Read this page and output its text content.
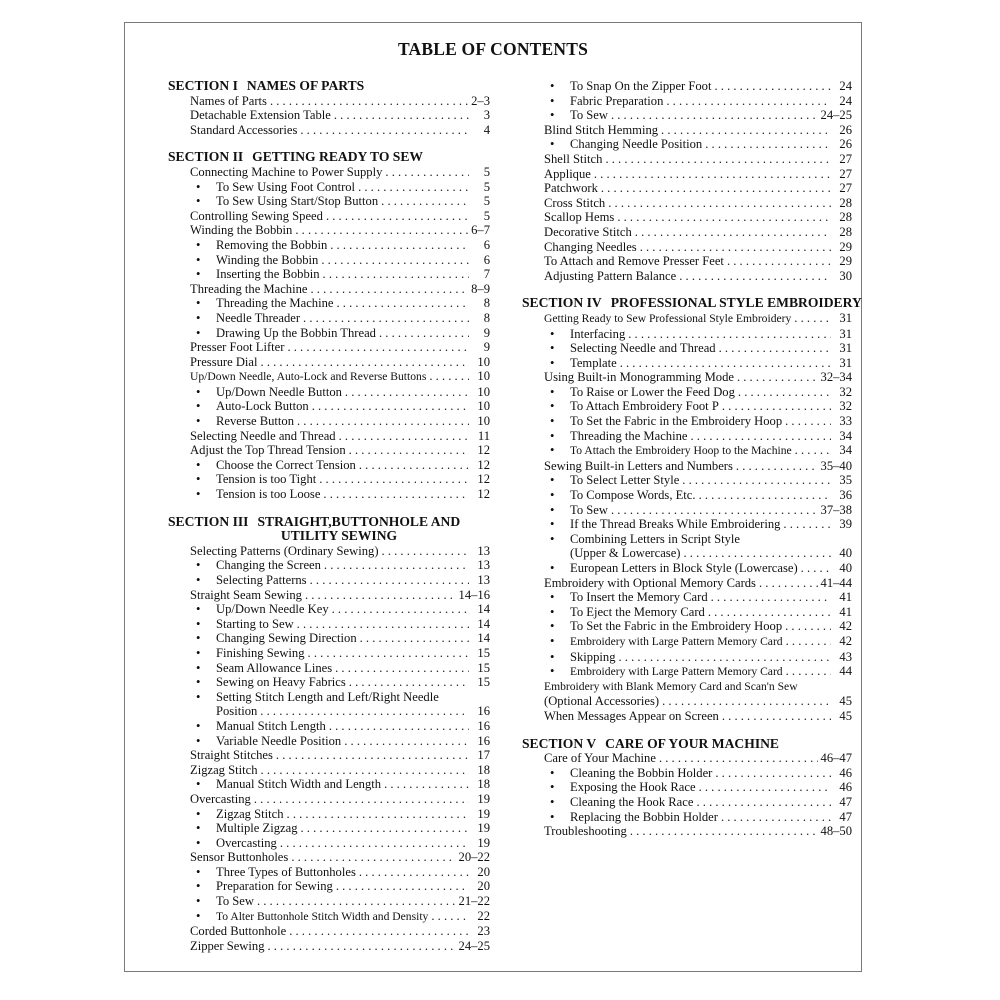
TABLE OF CONTENTS
SECTION I NAMES OF PARTS
Names of Parts . . .	2–3
Detachable Extension Table . . .	3
Standard Accessories . . .	4
SECTION II GETTING READY TO SEW
Connecting Machine to Power Supply . . .	5
•	To Sew Using Foot Control . . .	5
•	To Sew Using Start/Stop Button . . .	5
Controlling Sewing Speed . . .	5
Winding the Bobbin . . .	6–7
•	Removing the Bobbin . . .	6
•	Winding the Bobbin . . .	6
•	Inserting the Bobbin . . .	7
Threading the Machine . . .	8–9
•	Threading the Machine . . .	8
•	Needle Threader . . .	8
•	Drawing Up the Bobbin Thread . . .	9
Presser Foot Lifter . . .	9
Pressure Dial . . .	10
Up/Down Needle, Auto-Lock and Reverse Buttons . . .	10
•	Up/Down Needle Button . . .	10
•	Auto-Lock Button . . .	10
•	Reverse Button . . .	10
Selecting Needle and Thread . . .	11
Adjust the Top Thread Tension . . .	12
•	Choose the Correct Tension . . .	12
•	Tension is too Tight . . .	12
•	Tension is too Loose . . .	12
SECTION III STRAIGHT,BUTTONHOLE AND
UTILITY SEWING
Selecting Patterns (Ordinary Sewing) . . .	13
•	Changing the Screen . . .	13
•	Selecting Patterns . . .	13
Straight Seam Sewing . . .	14–16
•	Up/Down Needle Key . . .	14
•	Starting to Sew . . .	14
•	Changing Sewing Direction . . .	14
•	Finishing Sewing . . .	15
•	Seam Allowance Lines . . .	15
•	Sewing on Heavy Fabrics . . .	15
•	Setting Stitch Length and Left/Right Needle
Position . . .	16
•	Manual Stitch Length . . .	16
•	Variable Needle Position . . .	16
Straight Stitches . . .	17
Zigzag Stitch . . .	18
•	Manual Stitch Width and Length . . .	18
Overcasting . . .	19
•	Zigzag Stitch . . .	19
•	Multiple Zigzag . . .	19
•	Overcasting . . .	19
Sensor Buttonholes . . .	20–22
•	Three Types of Buttonholes . . .	20
•	Preparation for Sewing . . .	20
•	To Sew . . .	21–22
•	To Alter Buttonhole Stitch Width and Density . . .	22
Corded Buttonhole . . .	23
Zipper Sewing . . .	24–25
•	To Snap On the Zipper Foot . . .	24
•	Fabric Preparation . . .	24
•	To Sew . . .	24–25
Blind Stitch Hemming . . .	26
•	Changing Needle Position . . .	26
Shell Stitch . . .	27
Applique . . .	27
Patchwork . . .	27
Cross Stitch . . .	28
Scallop Hems . . .	28
Decorative Stitch . . .	28
Changing Needles . . .	29
To Attach and Remove Presser Feet . . .	29
Adjusting Pattern Balance . . .	30
SECTION IV PROFESSIONAL STYLE EMBROIDERY
Getting Ready to Sew Professional Style Embroidery . . .	31
•	Interfacing . . .	31
•	Selecting Needle and Thread . . .	31
•	Template . . .	31
Using Built-in Monogramming Mode . . .	32–34
•	To Raise or Lower the Feed Dog . . .	32
•	To Attach Embroidery Foot P . . .	32
•	To Set the Fabric in the Embroidery Hoop . . .	33
•	Threading the Machine . . .	34
•	To Attach the Embroidery Hoop to the Machine . . .	34
Sewing Built-in Letters and Numbers . . .	35–40
•	To Select Letter Style . . .	35
•	To Compose Words, Etc. . . .	36
•	To Sew . . .	37–38
•	If the Thread Breaks While Embroidering . . .	39
•	Combining Letters in Script Style
(Upper & Lowercase) . . .	40
•	European Letters in Block Style (Lowercase) . . .	40
Embroidery with Optional Memory Cards . . .	41–44
•	To Insert the Memory Card . . .	41
•	To Eject the Memory Card . . .	41
•	To Set the Fabric in the Embroidery Hoop . . .	42
•	Embroidery with Large Pattern Memory Card . . .	42
•	Skipping . . .	43
•	Embroidery with Large Pattern Memory Card . . .	44
Embroidery with Blank Memory Card and Scan'n Sew
(Optional Accessories) . . .	45
When Messages Appear on Screen . . .	45
SECTION V CARE OF YOUR MACHINE
Care of Your Machine . . .	46–47
•	Cleaning the Bobbin Holder . . .	46
•	Exposing the Hook Race . . .	46
•	Cleaning the Hook Race . . .	47
•	Replacing the Bobbin Holder . . .	47
Troubleshooting . . .	48–50
